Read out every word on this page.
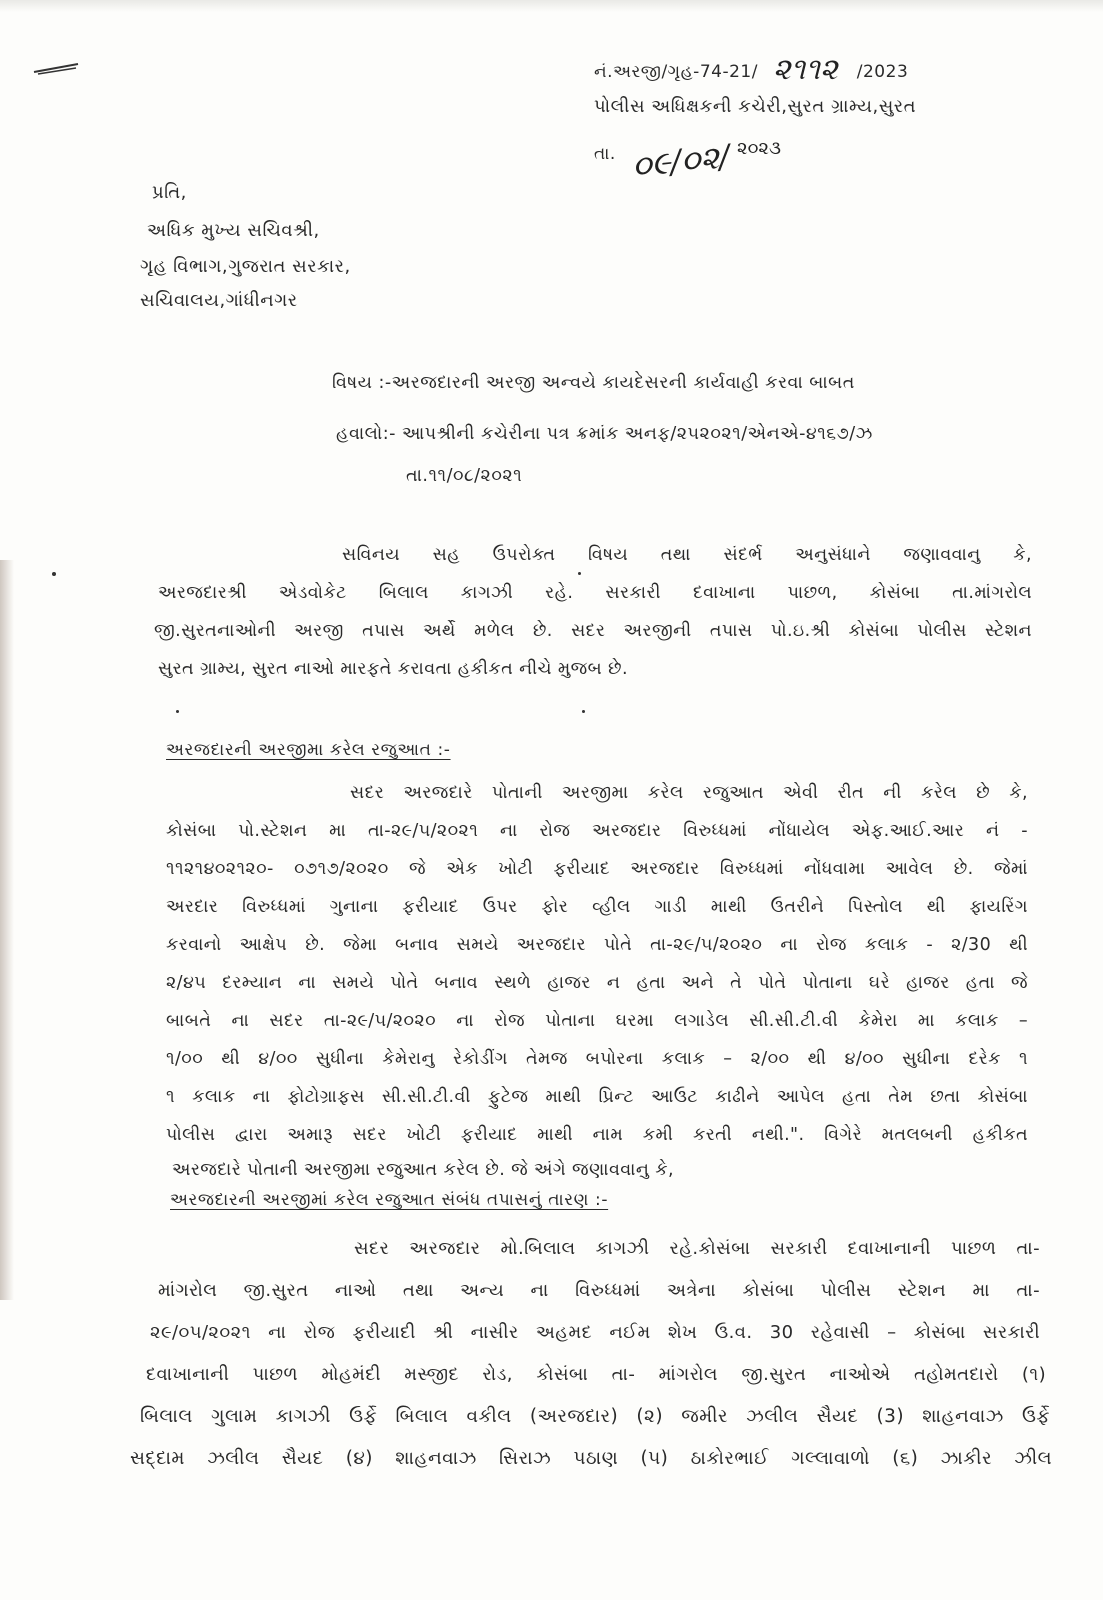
નં.અરજી/ગૃહ-74-21/ ૨૧૧૨ /2023
પોલીસ અધિક્ષકની કચેરી,સુરત ગ્રામ્ય,સુરત
તા. ૦૯/૦૨/ ૨૦૨૩
પ્રતિ,
અધિક મુખ્ય સચિવશ્રી,
ગૃહ વિભાગ,ગુજરાત સરકાર,
સચિવાલય,ગાંધીનગર
વિષય :-અરજદારની અરજી અન્વયે કાયદેસરની કાર્યવાહી કરવા બાબત
હવાલો:- આપશ્રીની કચેરીના પત્ર ક્રમાંક અનફ/૨૫૨૦૨૧/એનએ-૪૧૬૭/ઝ
તા.૧૧/૦૮/૨૦૨૧

સવિનય સહ ઉપરોક્ત વિષય તથા સંદર્ભ અનુસંધાને જણાવવાનુ કે,

અરજદારશ્રી એડવોકેટ બિલાલ કાગઝી રહે. સરકારી દવાખાના પાછળ, કોસંબા તા.માંગરોલ

જી.સુરતનાઓની અરજી તપાસ અર્થે મળેલ છે. સદર અરજીની તપાસ પો.ઇ.શ્રી કોસંબા પોલીસ સ્ટેશન

સુરત ગ્રામ્ય, સુરત નાઓ મારફતે કરાવતા હકીકત નીચે મુજબ છે.

અરજદારની અરજીમા કરેલ રજુઆત :-

સદર અરજદારે પોતાની અરજીમા કરેલ રજુઆત એવી રીત ની કરેલ છે કે,

કોસંબા પો.સ્ટેશન મા તા-૨૯/૫/૨૦૨૧ ના રોજ અરજદાર વિરુધ્ધમાં નોંધાયેલ એફ.આઈ.આર નં -

૧૧૨૧૪૦૨૧૨૦- ૦૭૧૭/૨૦૨૦ જે એક ખોટી ફરીયાદ અરજદાર વિરુધ્ધમાં નોંધવામા આવેલ છે. જેમાં

અરદાર વિરુધ્ધમાં ગુનાના ફરીયાદ ઉપર ફોર વ્હીલ ગાડી માથી ઉતરીને પિસ્તોલ થી ફાયરિંગ

કરવાનો આક્ષેપ છે. જેમા બનાવ સમયે અરજદાર પોતે તા-૨૯/૫/૨૦૨૦ ના રોજ કલાક - ૨/30 થી

૨/૪૫ દરમ્યાન ના સમયે પોતે બનાવ સ્થળે હાજર ન હતા અને તે પોતે પોતાના ઘરે હાજર હતા જે

બાબતે ના સદર તા-૨૯/૫/૨૦૨૦ ના રોજ પોતાના ઘરમા લગાડેલ સી.સી.ટી.વી કેમેરા મા કલાક –

૧/૦૦ થી ૪/૦૦ સુધીના કેમેરાનુ રેકોડીંગ તેમજ બપોરના કલાક – ૨/૦૦ થી ૪/૦૦ સુધીના દરેક ૧

૧ કલાક ના ફોટોગ્રાફસ સી.સી.ટી.વી ફુટેજ માથી પ્રિન્ટ આઉટ કાઢીને આપેલ હતા તેમ છતા કોસંબા

પોલીસ દ્વારા અમારૂ સદર ખોટી ફરીયાદ માથી નામ કમી કરતી નથી.". વિગેરે મતલબની હકીકત

અરજદારે પોતાની અરજીમા રજુઆત કરેલ છે. જે અંગે જણાવવાનુ કે,

અરજદારની અરજીમાં કરેલ રજુઆત સંબંધ તપાસનું તારણ :-

સદર અરજદાર મો.બિલાલ કાગઝી રહે.કોસંબા સરકારી દવાખાનાની પાછળ તા-

માંગરોલ જી.સુરત નાઓ તથા અન્ય ના વિરુધ્ધમાં અત્રેના કોસંબા પોલીસ સ્ટેશન મા તા-

૨૯/૦૫/૨૦૨૧ ના રોજ ફરીયાદી શ્રી નાસીર અહમદ નઈમ શેખ ઉ.વ. 30 રહેવાસી – કોસંબા સરકારી

દવાખાનાની પાછળ મોહમંદી મસ્જીદ રોડ, કોસંબા તા- માંગરોલ જી.સુરત નાઓએ તહોમતદારો (૧)

બિલાલ ગુલામ કાગઝી ઉર્ફે બિલાલ વકીલ (અરજદાર) (૨) જમીર ઝલીલ સૈયદ (3) શાહનવાઝ ઉર્ફે

સદ્દામ ઝલીલ સૈયદ (૪) શાહનવાઝ સિરાઝ પઠાણ (૫) ઠાકોરભાઈ ગલ્લાવાળો (૬) ઝાકીર ઝીલ
